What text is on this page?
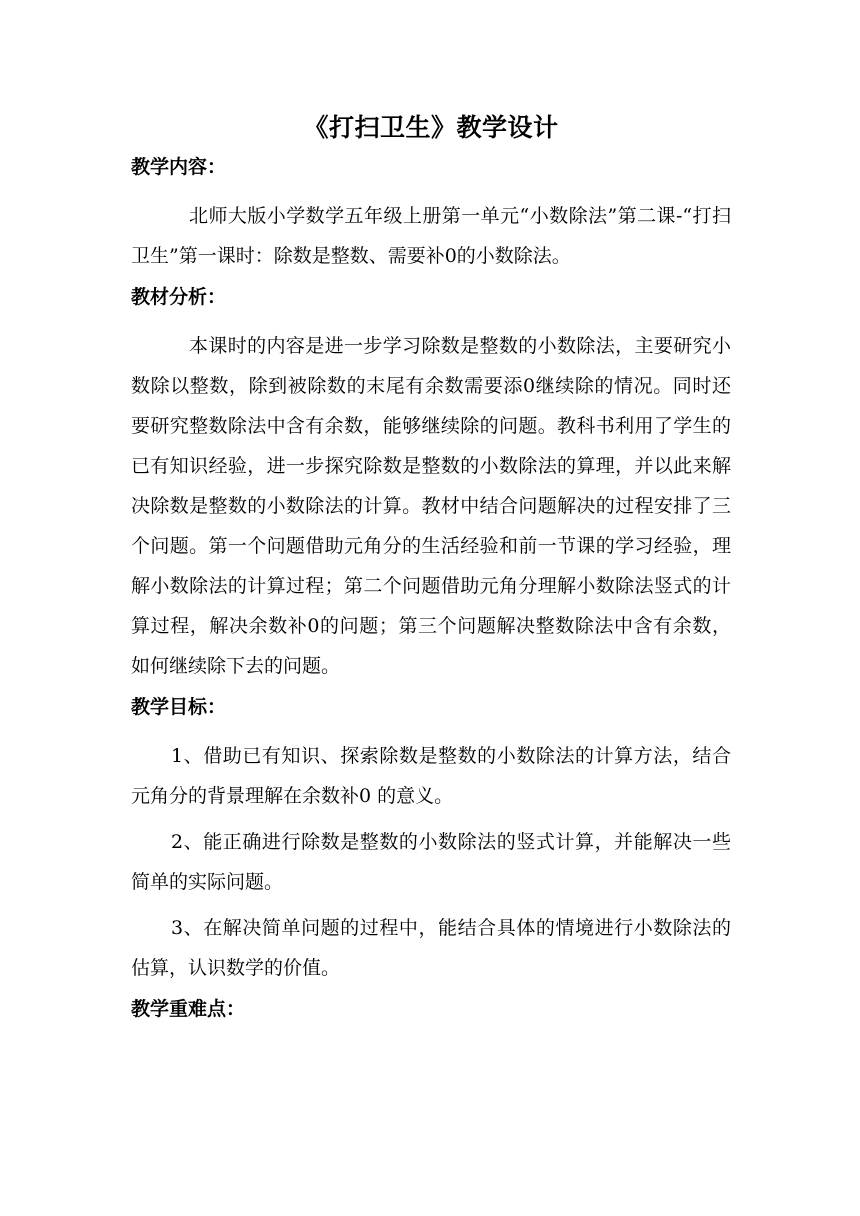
《打扫卫生》教学设计
教学内容：

北师大版小学数学五年级上册第一单元“小数除法”第二课-“打扫卫生”第一课时：除数是整数、需要补0的小数除法。

教材分析：

本课时的内容是进一步学习除数是整数的小数除法，主要研究小数除以整数，除到被除数的末尾有余数需要添0继续除的情况。同时还要研究整数除法中含有余数，能够继续除的问题。教科书利用了学生的已有知识经验，进一步探究除数是整数的小数除法的算理，并以此来解决除数是整数的小数除法的计算。教材中结合问题解决的过程安排了三个问题。第一个问题借助元角分的生活经验和前一节课的学习经验，理解小数除法的计算过程；第二个问题借助元角分理解小数除法竖式的计算过程，解决余数补0的问题；第三个问题解决整数除法中含有余数，如何继续除下去的问题。

教学目标：

1、借助已有知识、探索除数是整数的小数除法的计算方法，结合元角分的背景理解在余数补0 的意义。

2、能正确进行除数是整数的小数除法的竖式计算，并能解决一些简单的实际问题。

3、在解决简单问题的过程中，能结合具体的情境进行小数除法的估算，认识数学的价值。

教学重难点：
